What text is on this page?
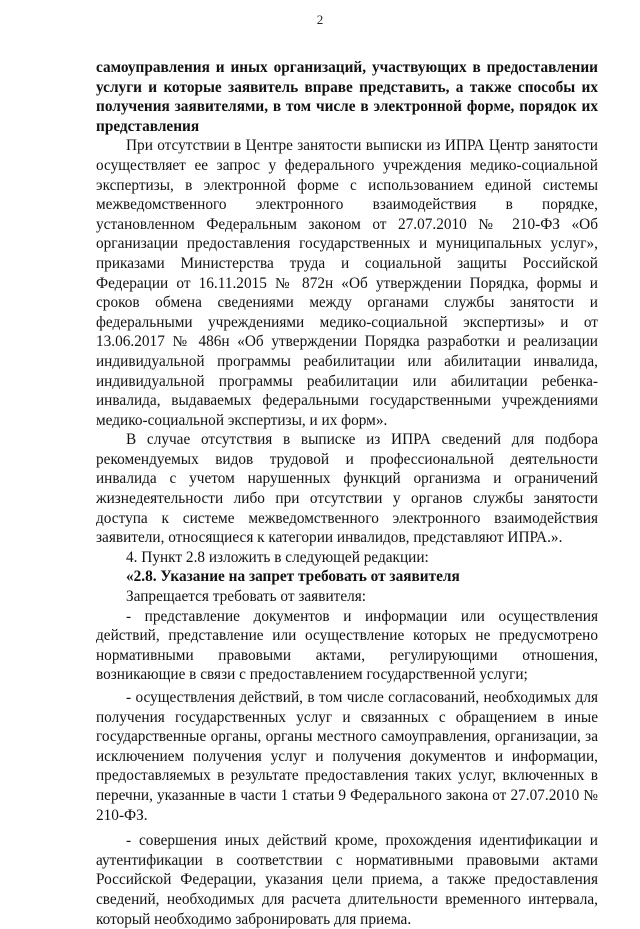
2

самоуправления и иных организаций, участвующих в предоставлении услуги и которые заявитель вправе представить, а также способы их получения заявителями, в том числе в электронной форме, порядок их представления

При отсутствии в Центре занятости выписки из ИПРА Центр занятости осуществляет ее запрос у федерального учреждения медико-социальной экспертизы, в электронной форме с использованием единой системы межведомственного электронного взаимодействия в порядке, установленном Федеральным законом от 27.07.2010 № 210-ФЗ «Об организации предоставления государственных и муниципальных услуг», приказами Министерства труда и социальной защиты Российской Федерации от 16.11.2015 № 872н «Об утверждении Порядка, формы и сроков обмена сведениями между органами службы занятости и федеральными учреждениями медико-социальной экспертизы» и от 13.06.2017 № 486н «Об утверждении Порядка разработки и реализации индивидуальной программы реабилитации или абилитации инвалида, индивидуальной программы реабилитации или абилитации ребенка-инвалида, выдаваемых федеральными государственными учреждениями медико-социальной экспертизы, и их форм».

В случае отсутствия в выписке из ИПРА сведений для подбора рекомендуемых видов трудовой и профессиональной деятельности инвалида с учетом нарушенных функций организма и ограничений жизнедеятельности либо при отсутствии у органов службы занятости доступа к системе межведомственного электронного взаимодействия заявители, относящиеся к категории инвалидов, представляют ИПРА.».

4. Пункт 2.8 изложить в следующей редакции:

«2.8. Указание на запрет требовать от заявителя

Запрещается требовать от заявителя:

- представление документов и информации или осуществления действий, представление или осуществление которых не предусмотрено нормативными правовыми актами, регулирующими отношения, возникающие в связи с предоставлением государственной услуги;

- осуществления действий, в том числе согласований, необходимых для получения государственных услуг и связанных с обращением в иные государственные органы, органы местного самоуправления, организации, за исключением получения услуг и получения документов и информации, предоставляемых в результате предоставления таких услуг, включенных в перечни, указанные в части 1 статьи 9 Федерального закона от 27.07.2010 № 210-ФЗ.

- совершения иных действий кроме, прохождения идентификации и аутентификации в соответствии с нормативными правовыми актами Российской Федерации, указания цели приема, а также предоставления сведений, необходимых для расчета длительности временного интервала, который необходимо забронировать для приема.
